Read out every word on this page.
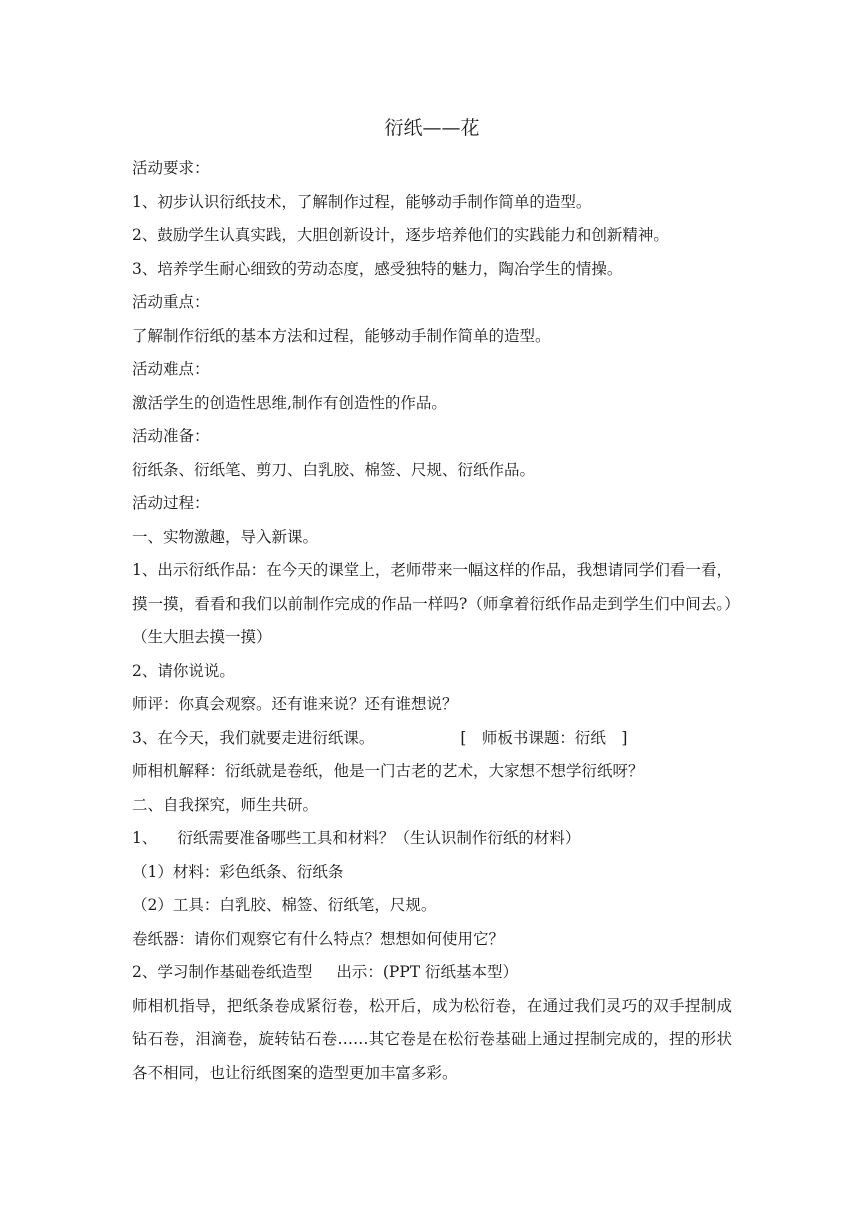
衍纸——花

活动要求：

1、初步认识衍纸技术，了解制作过程，能够动手制作简单的造型。

2、鼓励学生认真实践，大胆创新设计，逐步培养他们的实践能力和创新精神。

3、培养学生耐心细致的劳动态度，感受独特的魅力，陶冶学生的情操。

活动重点：

了解制作衍纸的基本方法和过程，能够动手制作简单的造型。

活动难点：

激活学生的创造性思维,制作有创造性的作品。

活动准备：

衍纸条、衍纸笔、剪刀、白乳胶、棉签、尺规、衍纸作品。

活动过程：

一、实物激趣，导入新课。

1、出示衍纸作品：在今天的课堂上，老师带来一幅这样的作品，我想请同学们看一看，摸一摸，看看和我们以前制作完成的作品一样吗?（师拿着衍纸作品走到学生们中间去。）（生大胆去摸一摸）

2、请你说说。

师评：你真会观察。还有谁来说？还有谁想说？

3、在今天，我们就要走进衍纸课。	[　师板书课题：衍纸　]

师相机解释：衍纸就是卷纸，他是一门古老的艺术，大家想不想学衍纸呀？

二、自我探究，师生共研。

1、 衍纸需要准备哪些工具和材料？（生认识制作衍纸的材料）

（1）材料：彩色纸条、衍纸条

（2）工具：白乳胶、棉签、衍纸笔，尺规。

卷纸器：请你们观察它有什么特点？想想如何使用它？

2、学习制作基础卷纸造型 出示：(PPT 衍纸基本型）

师相机指导，把纸条卷成紧衍卷，松开后，成为松衍卷，在通过我们灵巧的双手捏制成钻石卷，泪滴卷，旋转钻石卷……其它卷是在松衍卷基础上通过捏制完成的，捏的形状各不相同，也让衍纸图案的造型更加丰富多彩。
